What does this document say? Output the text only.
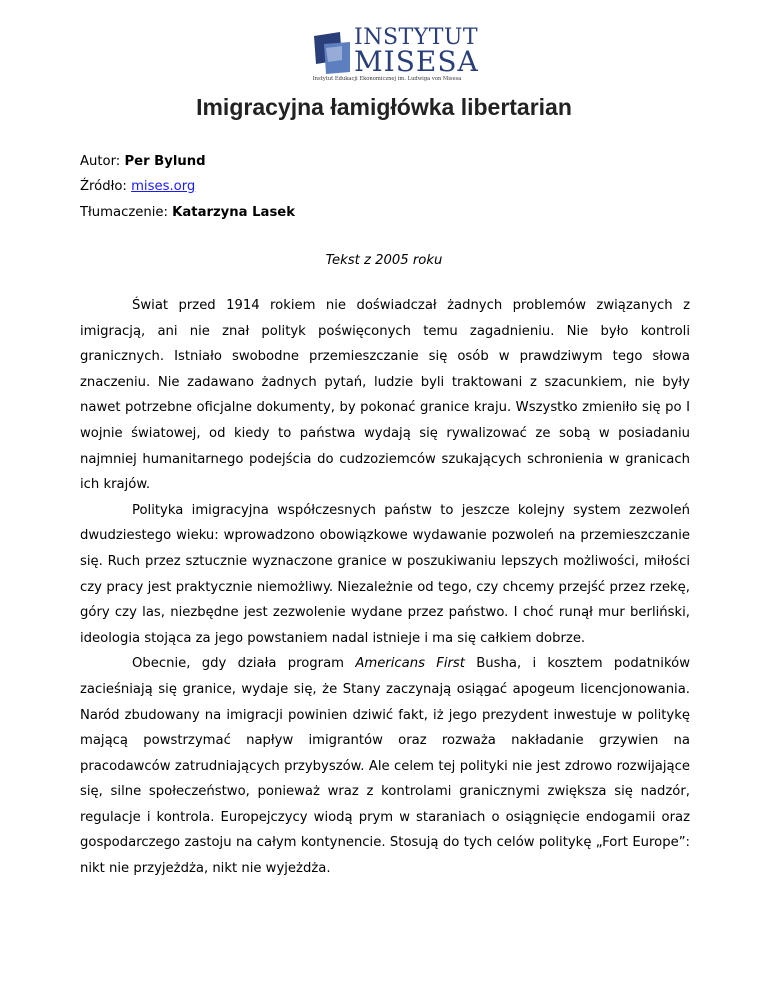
INSTYTUT
MISESA
Instytut Edukacji Ekonomicznej im. Ludwiga von Misesa
Imigracyjna łamigłówka libertarian
Autor: Per Bylund
Źródło: mises.org
Tłumaczenie: Katarzyna Lasek
Tekst z 2005 roku

Świat przed 1914 rokiem nie doświadczał żadnych problemów związanych z imigracją, ani nie znał polityk poświęconych temu zagadnieniu. Nie było kontroli granicznych. Istniało swobodne przemieszczanie się osób w prawdziwym tego słowa znaczeniu. Nie zadawano żadnych pytań, ludzie byli traktowani z szacunkiem, nie były nawet potrzebne oficjalne dokumenty, by pokonać granice kraju. Wszystko zmieniło się po I wojnie światowej, od kiedy to państwa wydają się rywalizować ze sobą w posiadaniu najmniej humanitarnego podejścia do cudzoziemców szukających schronienia w granicach ich krajów.

Polityka imigracyjna współczesnych państw to jeszcze kolejny system zezwoleń dwudziestego wieku: wprowadzono obowiązkowe wydawanie pozwoleń na przemieszczanie się. Ruch przez sztucznie wyznaczone granice w poszukiwaniu lepszych możliwości, miłości czy pracy jest praktycznie niemożliwy. Niezależnie od tego, czy chcemy przejść przez rzekę, góry czy las, niezbędne jest zezwolenie wydane przez państwo. I choć runął mur berliński, ideologia stojąca za jego powstaniem nadal istnieje i ma się całkiem dobrze.

Obecnie, gdy działa program Americans First Busha, i kosztem podatników zacieśniają się granice, wydaje się, że Stany zaczynają osiągać apogeum licencjonowania. Naród zbudowany na imigracji powinien dziwić fakt, iż jego prezydent inwestuje w politykę mającą powstrzymać napływ imigrantów oraz rozważa nakładanie grzywien na pracodawców zatrudniających przybyszów. Ale celem tej polityki nie jest zdrowo rozwijające się, silne społeczeństwo, ponieważ wraz z kontrolami granicznymi zwiększa się nadzór, regulacje i kontrola. Europejczycy wiodą prym w staraniach o osiągnięcie endogamii oraz gospodarczego zastoju na całym kontynencie. Stosują do tych celów politykę „Fort Europe”: nikt nie przyjeżdża, nikt nie wyjeżdża.
